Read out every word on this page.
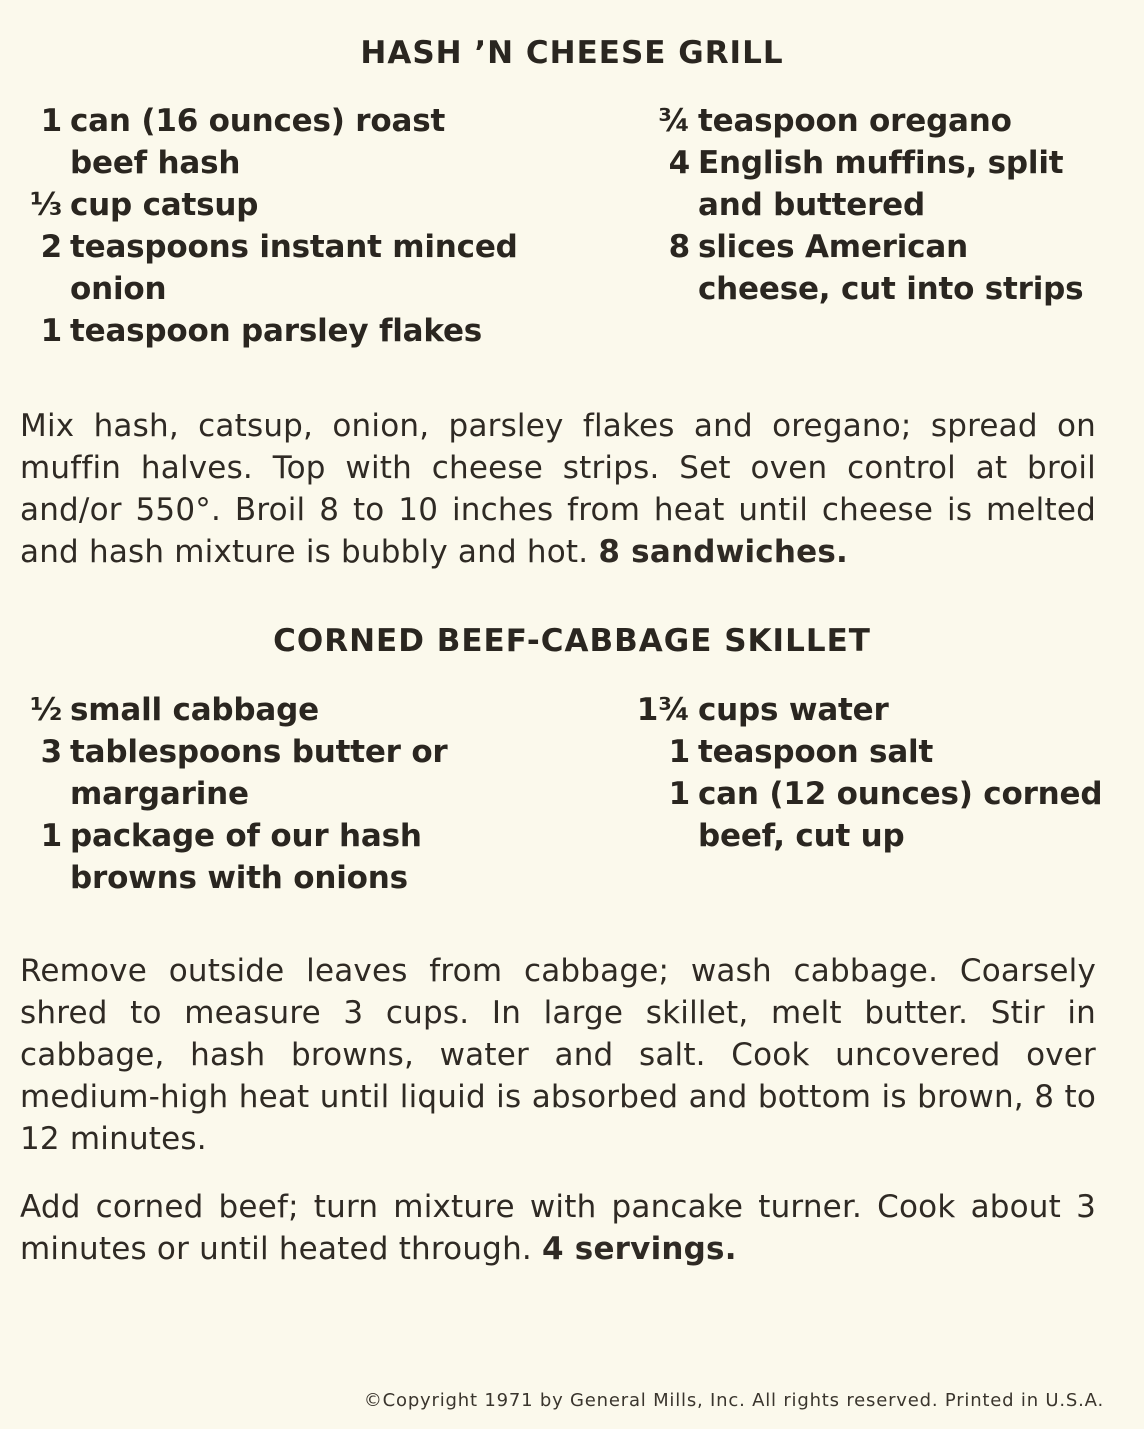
HASH ’N CHEESE GRILL
1 can (16 ounces) roast beef hash
⅓ cup catsup
2 teaspoons instant minced onion
1 teaspoon parsley flakes
¾ teaspoon oregano
4 English muffins, split and buttered
8 slices American cheese, cut into strips

Mix hash, catsup, onion, parsley flakes and oregano; spread on muffin halves. Top with cheese strips. Set oven control at broil and/or 550°. Broil 8 to 10 inches from heat until cheese is melted and hash mixture is bubbly and hot. 8 sandwiches.

CORNED BEEF-CABBAGE SKILLET
½ small cabbage
3 tablespoons butter or margarine
1 package of our hash browns with onions
1¾ cups water
1 teaspoon salt
1 can (12 ounces) corned beef, cut up

Remove outside leaves from cabbage; wash cabbage. Coarsely shred to measure 3 cups. In large skillet, melt butter. Stir in cabbage, hash browns, water and salt. Cook uncovered over medium-high heat until liquid is absorbed and bottom is brown, 8 to 12 minutes.

Add corned beef; turn mixture with pancake turner. Cook about 3 minutes or until heated through. 4 servings.

©Copyright 1971 by General Mills, Inc. All rights reserved. Printed in U.S.A.
